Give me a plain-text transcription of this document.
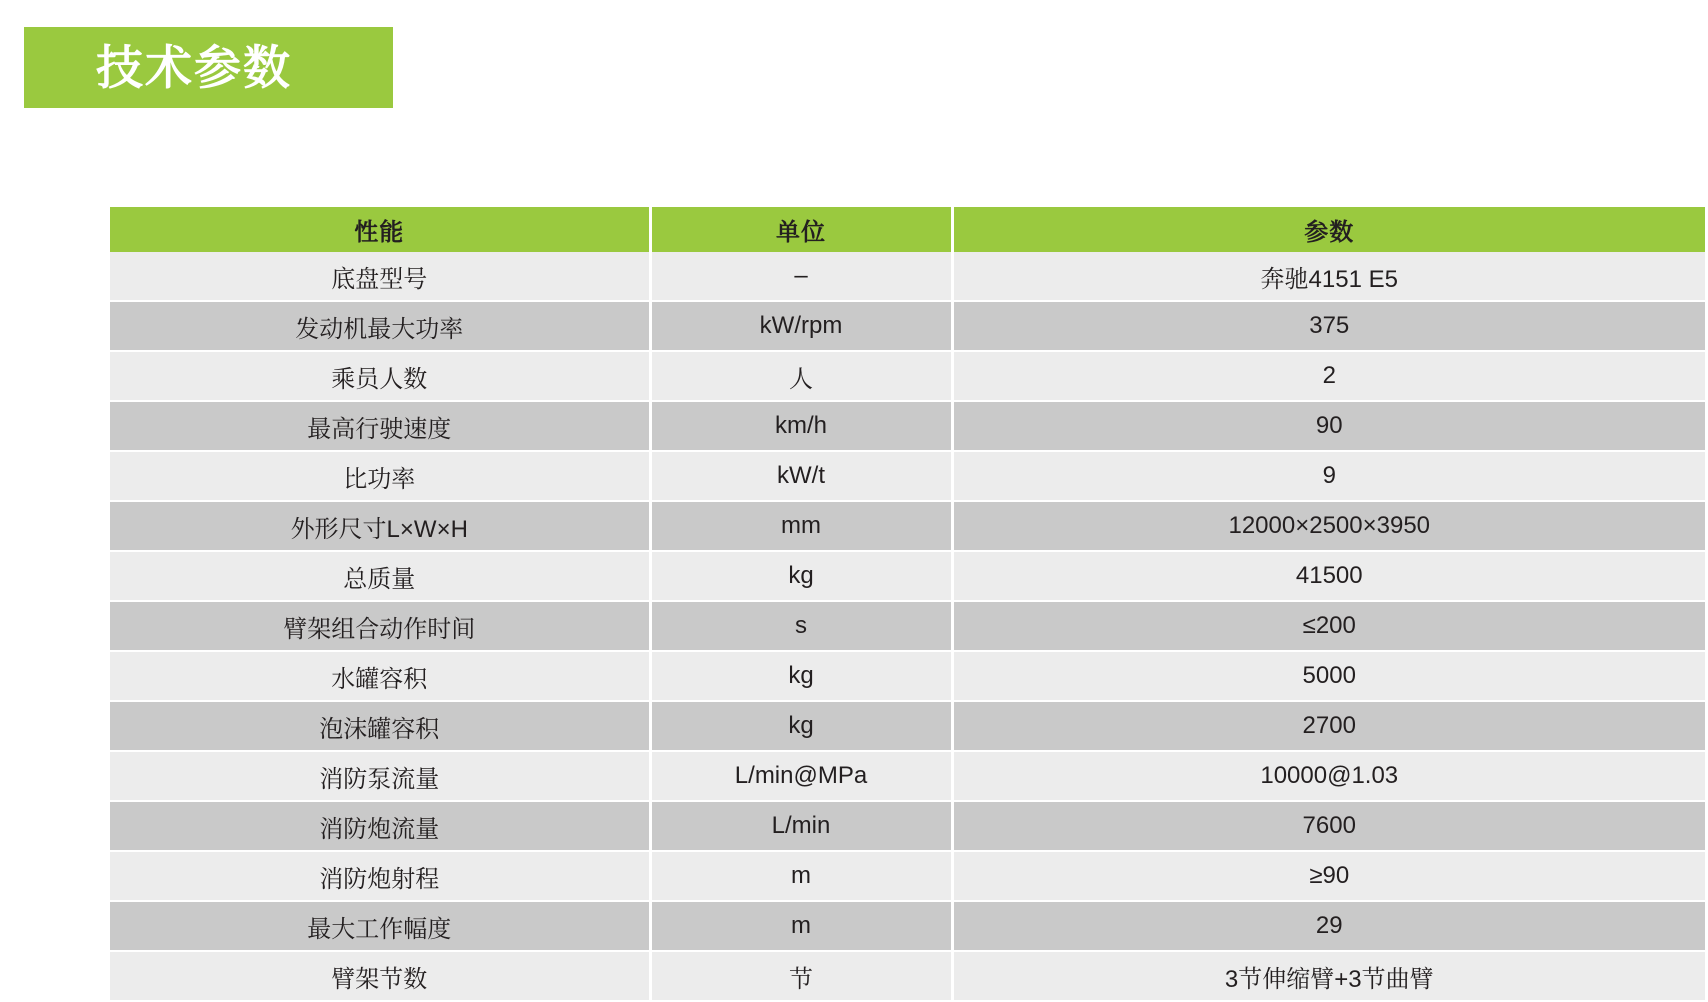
技术参数
性能	单位	参数
底盘型号	–	奔驰4151 E5
发动机最大功率	kW/rpm	375
乘员人数	人	2
最高行驶速度	km/h	90
比功率	kW/t	9
外形尺寸L×W×H	mm	12000×2500×3950
总质量	kg	41500
臂架组合动作时间	s	≤200
水罐容积	kg	5000
泡沫罐容积	kg	2700
消防泵流量	L/min@MPa	10000@1.03
消防炮流量	L/min	7600
消防炮射程	m	≥90
最大工作幅度	m	29
臂架节数	节	3节伸缩臂+3节曲臂
